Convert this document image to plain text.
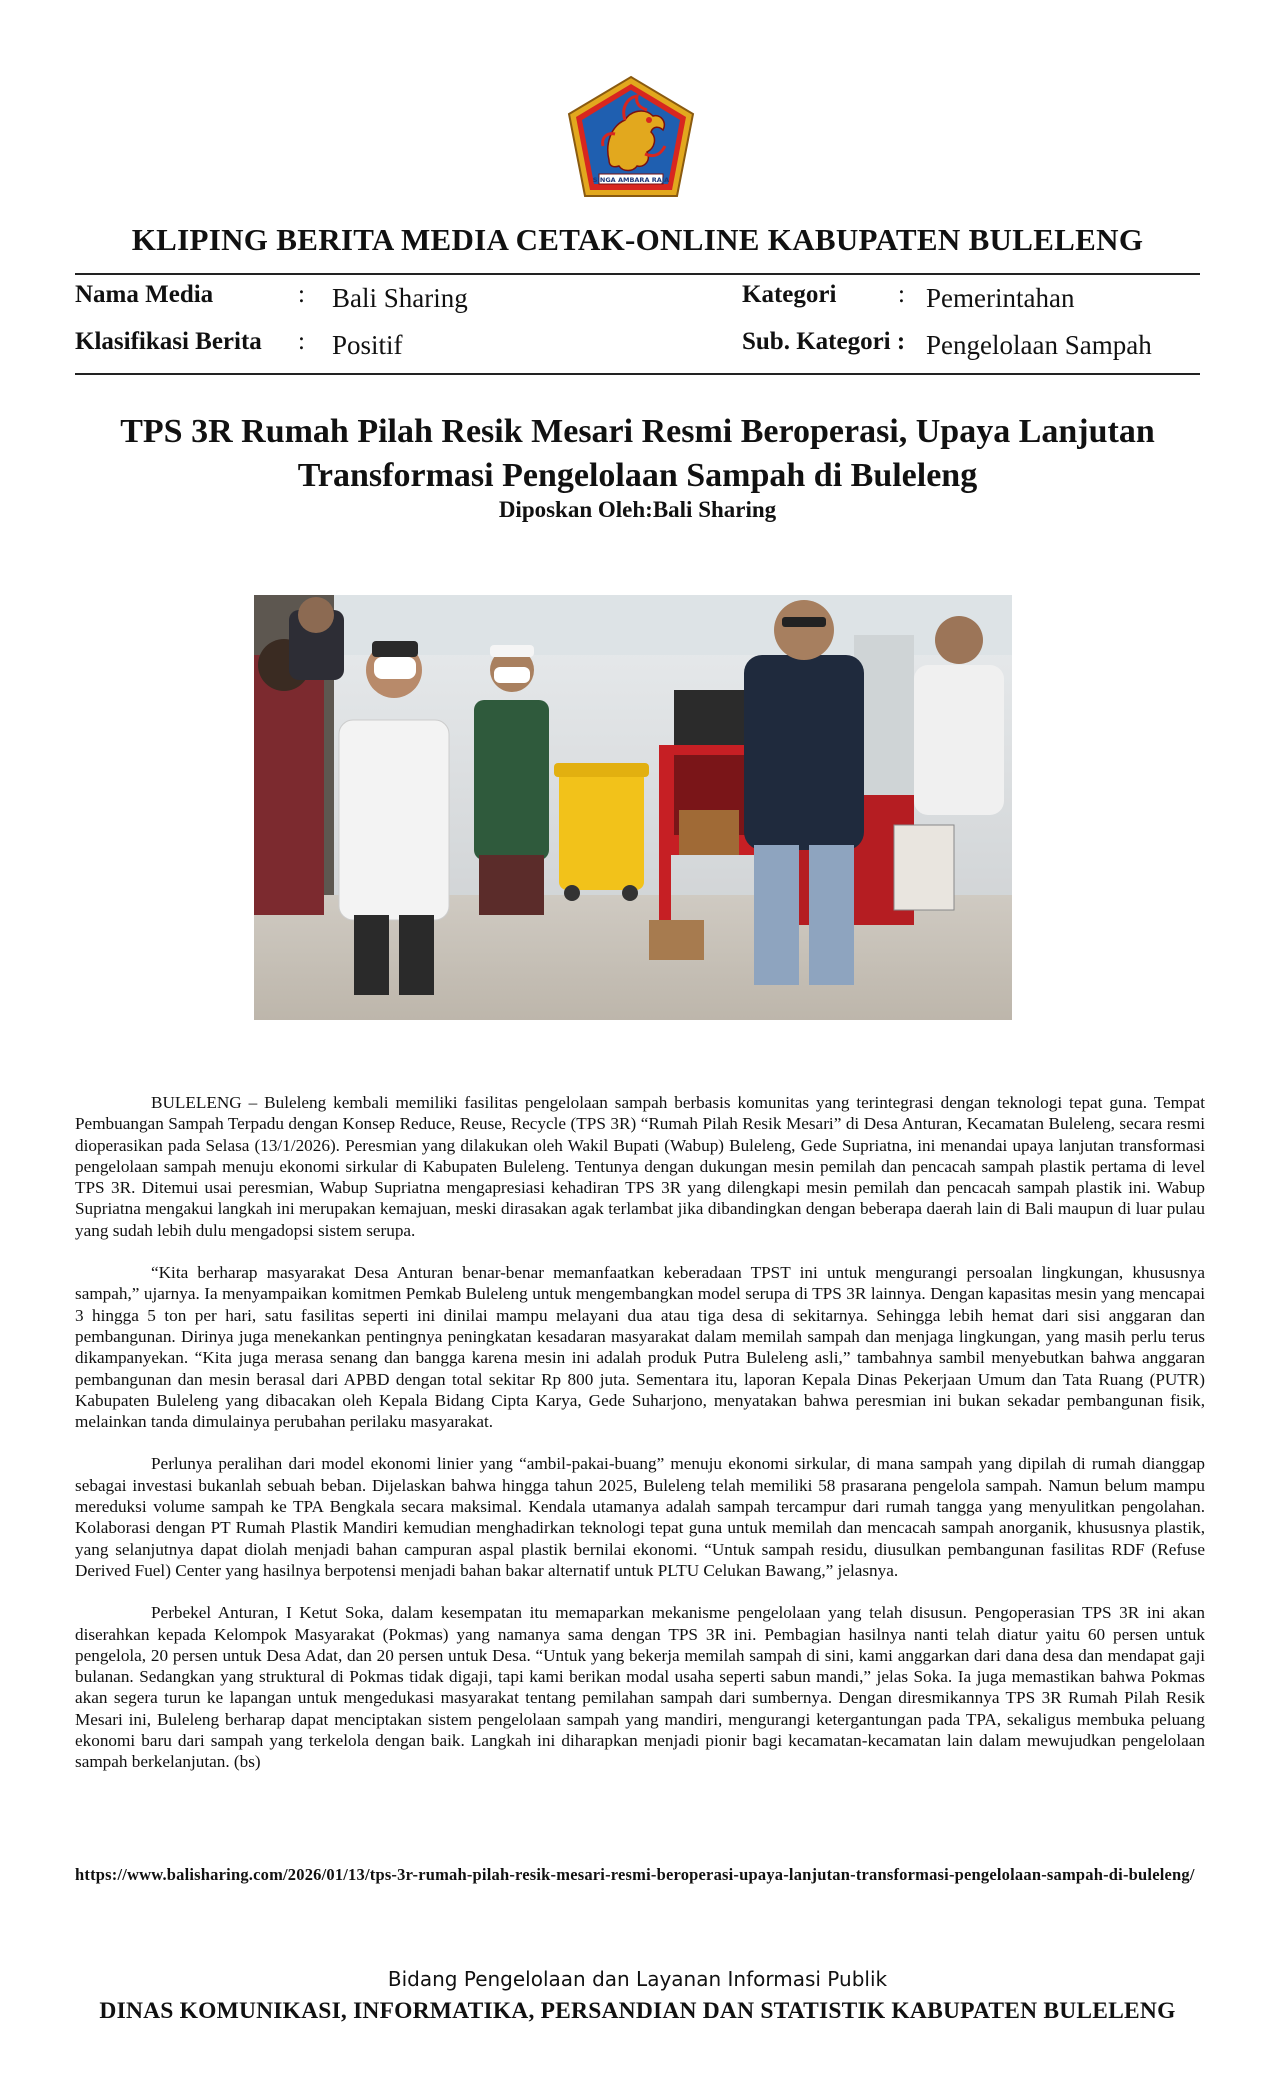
SINGA AMBARA RAJA
KLIPING BERITA MEDIA CETAK-ONLINE KABUPATEN BULELENG
Nama Media	: Bali Sharing	Kategori : Pemerintahan
Klasifikasi Berita : Positif	Sub. Kategori : Pengelolaan Sampah
TPS 3R Rumah Pilah Resik Mesari Resmi Beroperasi, Upaya Lanjutan
Transformasi Pengelolaan Sampah di Buleleng
Diposkan Oleh:Bali Sharing

BULELENG – Buleleng kembali memiliki fasilitas pengelolaan sampah berbasis komunitas yang terintegrasi dengan teknologi tepat guna. Tempat Pembuangan Sampah Terpadu dengan Konsep Reduce, Reuse, Recycle (TPS 3R) “Rumah Pilah Resik Mesari” di Desa Anturan, Kecamatan Buleleng, secara resmi dioperasikan pada Selasa (13/1/2026). Peresmian yang dilakukan oleh Wakil Bupati (Wabup) Buleleng, Gede Supriatna, ini menandai upaya lanjutan transformasi pengelolaan sampah menuju ekonomi sirkular di Kabupaten Buleleng. Tentunya dengan dukungan mesin pemilah dan pencacah sampah plastik pertama di level TPS 3R. Ditemui usai peresmian, Wabup Supriatna mengapresiasi kehadiran TPS 3R yang dilengkapi mesin pemilah dan pencacah sampah plastik ini. Wabup Supriatna mengakui langkah ini merupakan kemajuan, meski dirasakan agak terlambat jika dibandingkan dengan beberapa daerah lain di Bali maupun di luar pulau yang sudah lebih dulu mengadopsi sistem serupa.

“Kita berharap masyarakat Desa Anturan benar-benar memanfaatkan keberadaan TPST ini untuk mengurangi persoalan lingkungan, khususnya sampah,” ujarnya. Ia menyampaikan komitmen Pemkab Buleleng untuk mengembangkan model serupa di TPS 3R lainnya. Dengan kapasitas mesin yang mencapai 3 hingga 5 ton per hari, satu fasilitas seperti ini dinilai mampu melayani dua atau tiga desa di sekitarnya. Sehingga lebih hemat dari sisi anggaran dan pembangunan. Dirinya juga menekankan pentingnya peningkatan kesadaran masyarakat dalam memilah sampah dan menjaga lingkungan, yang masih perlu terus dikampanyekan. “Kita juga merasa senang dan bangga karena mesin ini adalah produk Putra Buleleng asli,” tambahnya sambil menyebutkan bahwa anggaran pembangunan dan mesin berasal dari APBD dengan total sekitar Rp 800 juta. Sementara itu, laporan Kepala Dinas Pekerjaan Umum dan Tata Ruang (PUTR) Kabupaten Buleleng yang dibacakan oleh Kepala Bidang Cipta Karya, Gede Suharjono, menyatakan bahwa peresmian ini bukan sekadar pembangunan fisik, melainkan tanda dimulainya perubahan perilaku masyarakat.

Perlunya peralihan dari model ekonomi linier yang “ambil-pakai-buang” menuju ekonomi sirkular, di mana sampah yang dipilah di rumah dianggap sebagai investasi bukanlah sebuah beban. Dijelaskan bahwa hingga tahun 2025, Buleleng telah memiliki 58 prasarana pengelola sampah. Namun belum mampu mereduksi volume sampah ke TPA Bengkala secara maksimal. Kendala utamanya adalah sampah tercampur dari rumah tangga yang menyulitkan pengolahan. Kolaborasi dengan PT Rumah Plastik Mandiri kemudian menghadirkan teknologi tepat guna untuk memilah dan mencacah sampah anorganik, khususnya plastik, yang selanjutnya dapat diolah menjadi bahan campuran aspal plastik bernilai ekonomi. “Untuk sampah residu, diusulkan pembangunan fasilitas RDF (Refuse Derived Fuel) Center yang hasilnya berpotensi menjadi bahan bakar alternatif untuk PLTU Celukan Bawang,” jelasnya.

Perbekel Anturan, I Ketut Soka, dalam kesempatan itu memaparkan mekanisme pengelolaan yang telah disusun. Pengoperasian TPS 3R ini akan diserahkan kepada Kelompok Masyarakat (Pokmas) yang namanya sama dengan TPS 3R ini. Pembagian hasilnya nanti telah diatur yaitu 60 persen untuk pengelola, 20 persen untuk Desa Adat, dan 20 persen untuk Desa. “Untuk yang bekerja memilah sampah di sini, kami anggarkan dari dana desa dan mendapat gaji bulanan. Sedangkan yang struktural di Pokmas tidak digaji, tapi kami berikan modal usaha seperti sabun mandi,” jelas Soka. Ia juga memastikan bahwa Pokmas akan segera turun ke lapangan untuk mengedukasi masyarakat tentang pemilahan sampah dari sumbernya. Dengan diresmikannya TPS 3R Rumah Pilah Resik Mesari ini, Buleleng berharap dapat menciptakan sistem pengelolaan sampah yang mandiri, mengurangi ketergantungan pada TPA, sekaligus membuka peluang ekonomi baru dari sampah yang terkelola dengan baik. Langkah ini diharapkan menjadi pionir bagi kecamatan-kecamatan lain dalam mewujudkan pengelolaan sampah berkelanjutan. (bs)

https://www.balisharing.com/2026/01/13/tps-3r-rumah-pilah-resik-mesari-resmi-beroperasi-upaya-lanjutan-transformasi-pengelolaan-sampah-di-buleleng/
Bidang Pengelolaan dan Layanan Informasi Publik
DINAS KOMUNIKASI, INFORMATIKA, PERSANDIAN DAN STATISTIK KABUPATEN BULELENG
